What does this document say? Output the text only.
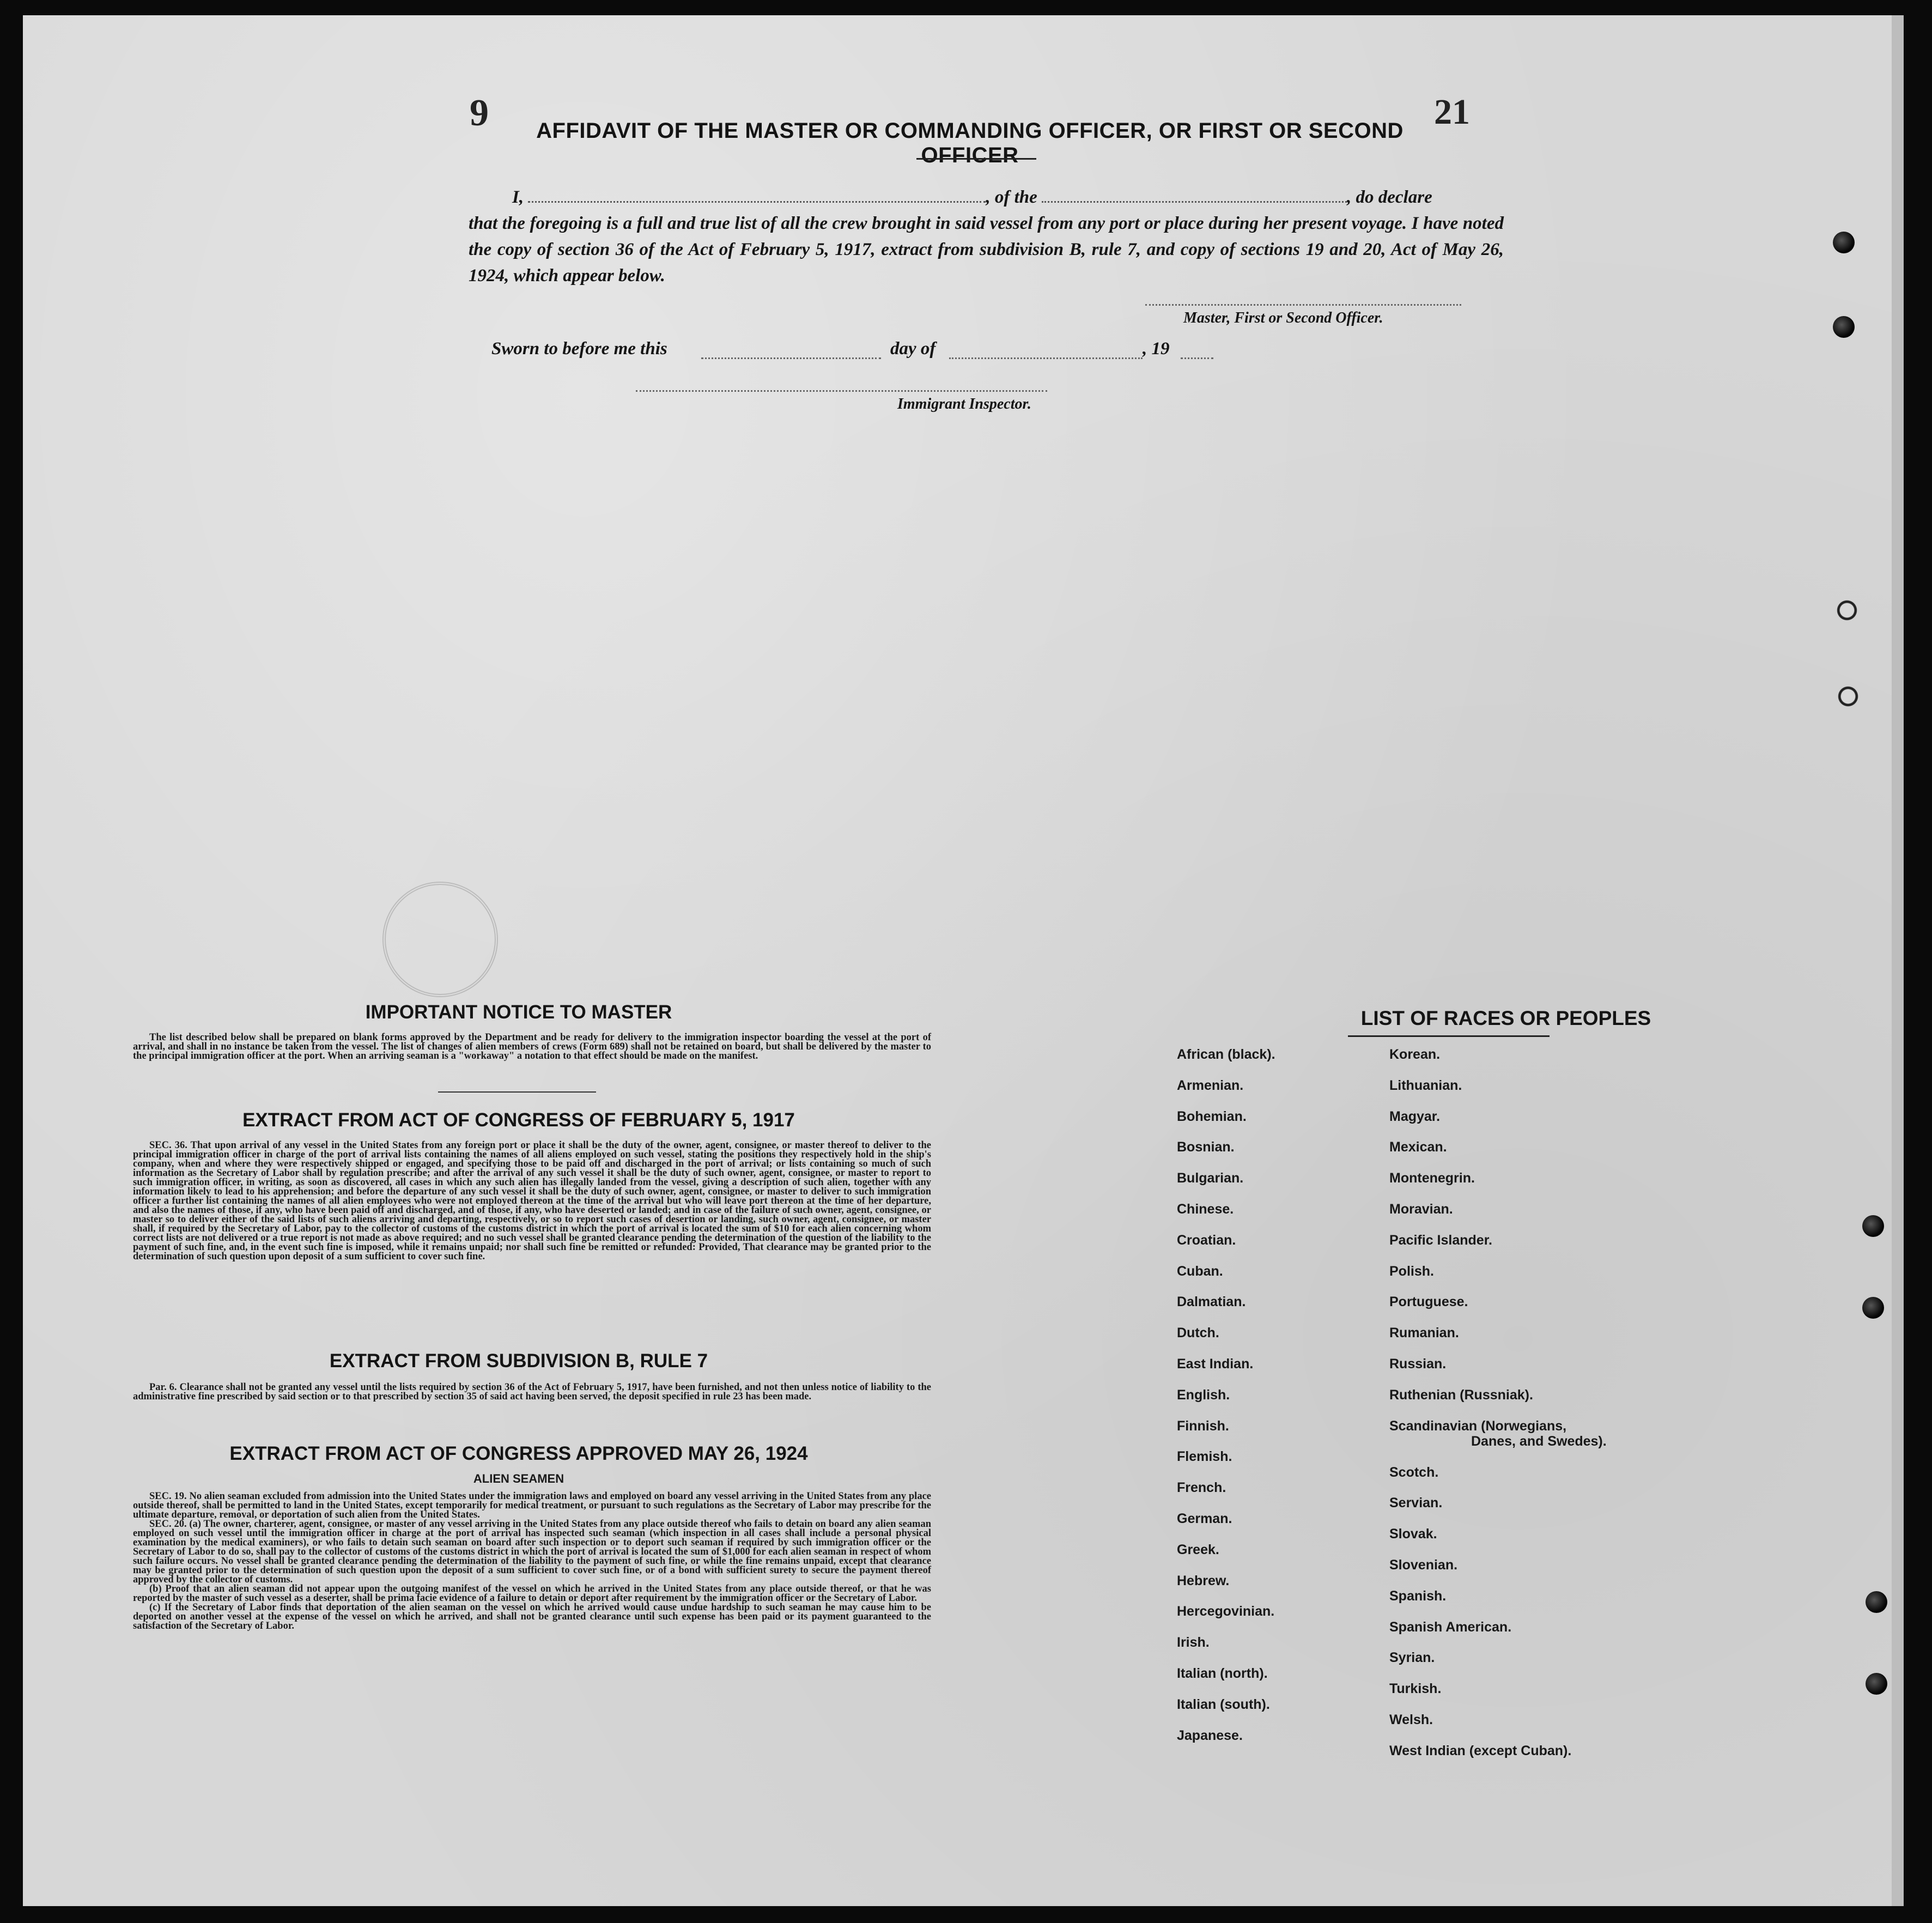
9	21
AFFIDAVIT OF THE MASTER OR COMMANDING OFFICER, OR FIRST OR SECOND OFFICER
I,	, of the	, do declare
that the foregoing is a full and true list of all the crew brought in said vessel from any port or place during her present voyage. I have noted the copy of section 36 of the Act of February 5, 1917, extract from subdivision B, rule 7, and copy of sections 19 and 20, Act of May 26, 1924, which appear below.
Master, First or Second Officer.
Sworn to before me this	day of	, 19
Immigrant Inspector.
IMPORTANT NOTICE TO MASTER

The list described below shall be prepared on blank forms approved by the Department and be ready for delivery to the immigration inspector boarding the vessel at the port of arrival, and shall in no instance be taken from the vessel. The list of changes of alien members of crews (Form 689) shall not be retained on board, but shall be delivered by the master to the principal immigration officer at the port. When an arriving seaman is a "workaway" a notation to that effect should be made on the manifest.

EXTRACT FROM ACT OF CONGRESS OF FEBRUARY 5, 1917

SEC. 36. That upon arrival of any vessel in the United States from any foreign port or place it shall be the duty of the owner, agent, consignee, or master thereof to deliver to the principal immigration officer in charge of the port of arrival lists containing the names of all aliens employed on such vessel, stating the positions they respectively hold in the ship's company, when and where they were respectively shipped or engaged, and specifying those to be paid off and discharged in the port of arrival; or lists containing so much of such information as the Secretary of Labor shall by regulation prescribe; and after the arrival of any such vessel it shall be the duty of such owner, agent, consignee, or master to report to such immigration officer, in writing, as soon as discovered, all cases in which any such alien has illegally landed from the vessel, giving a description of such alien, together with any information likely to lead to his apprehension; and before the departure of any such vessel it shall be the duty of such owner, agent, consignee, or master to deliver to such immigration officer a further list containing the names of all alien employees who were not employed thereon at the time of the arrival but who will leave port thereon at the time of her departure, and also the names of those, if any, who have been paid off and discharged, and of those, if any, who have deserted or landed; and in case of the failure of such owner, agent, consignee, or master so to deliver either of the said lists of such aliens arriving and departing, respectively, or so to report such cases of desertion or landing, such owner, agent, consignee, or master shall, if required by the Secretary of Labor, pay to the collector of customs of the customs district in which the port of arrival is located the sum of $10 for each alien concerning whom correct lists are not delivered or a true report is not made as above required; and no such vessel shall be granted clearance pending the determination of the question of the liability to the payment of such fine, and, in the event such fine is imposed, while it remains unpaid; nor shall such fine be remitted or refunded: Provided, That clearance may be granted prior to the determination of such question upon deposit of a sum sufficient to cover such fine.

EXTRACT FROM SUBDIVISION B, RULE 7

Par. 6. Clearance shall not be granted any vessel until the lists required by section 36 of the Act of February 5, 1917, have been furnished, and not then unless notice of liability to the administrative fine prescribed by said section or to that prescribed by section 35 of said act having been served, the deposit specified in rule 23 has been made.

EXTRACT FROM ACT OF CONGRESS APPROVED MAY 26, 1924
ALIEN SEAMEN

SEC. 19. No alien seaman excluded from admission into the United States under the immigration laws and employed on board any vessel arriving in the United States from any place outside thereof, shall be permitted to land in the United States, except temporarily for medical treatment, or pursuant to such regulations as the Secretary of Labor may prescribe for the ultimate departure, removal, or deportation of such alien from the United States.

SEC. 20. (a) The owner, charterer, agent, consignee, or master of any vessel arriving in the United States from any place outside thereof who fails to detain on board any alien seaman employed on such vessel until the immigration officer in charge at the port of arrival has inspected such seaman (which inspection in all cases shall include a personal physical examination by the medical examiners), or who fails to detain such seaman on board after such inspection or to deport such seaman if required by such immigration officer or the Secretary of Labor to do so, shall pay to the collector of customs of the customs district in which the port of arrival is located the sum of $1,000 for each alien seaman in respect of whom such failure occurs. No vessel shall be granted clearance pending the determination of the liability to the payment of such fine, or while the fine remains unpaid, except that clearance may be granted prior to the determination of such question upon the deposit of a sum sufficient to cover such fine, or of a bond with sufficient surety to secure the payment thereof approved by the collector of customs.

(b) Proof that an alien seaman did not appear upon the outgoing manifest of the vessel on which he arrived in the United States from any place outside thereof, or that he was reported by the master of such vessel as a deserter, shall be prima facie evidence of a failure to detain or deport after requirement by the immigration officer or the Secretary of Labor.

(c) If the Secretary of Labor finds that deportation of the alien seaman on the vessel on which he arrived would cause undue hardship to such seaman he may cause him to be deported on another vessel at the expense of the vessel on which he arrived, and shall not be granted clearance until such expense has been paid or its payment guaranteed to the satisfaction of the Secretary of Labor.

LIST OF RACES OR PEOPLES
African (black).
Armenian.
Bohemian.
Bosnian.
Bulgarian.
Chinese.
Croatian.
Cuban.
Dalmatian.
Dutch.
East Indian.
English.
Finnish.
Flemish.
French.
German.
Greek.
Hebrew.
Hercegovinian.
Irish.
Italian (north).
Italian (south).
Japanese.
Korean.
Lithuanian.
Magyar.
Mexican.
Montenegrin.
Moravian.
Pacific Islander.
Polish.
Portuguese.
Rumanian.
Russian.
Ruthenian (Russniak).
Scandinavian (Norwegians,
Danes, and Swedes).
Scotch.
Servian.
Slovak.
Slovenian.
Spanish.
Spanish American.
Syrian.
Turkish.
Welsh.
West Indian (except Cuban).
